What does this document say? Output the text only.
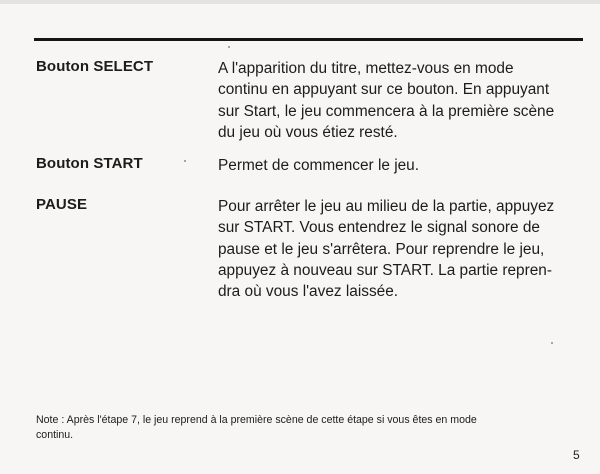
Bouton SELECT	A l'apparition du titre, mettez-vous en mode

continu en appuyant sur ce bouton. En appuyant

sur Start, le jeu commencera à la première scène

du jeu où vous étiez resté.

Bouton START	Permet de commencer le jeu.

PAUSE	Pour arrêter le jeu au milieu de la partie, appuyez

sur START. Vous entendrez le signal sonore de

pause et le jeu s'arrêtera. Pour reprendre le jeu,

appuyez à nouveau sur START. La partie repren-

dra où vous l'avez laissée.

Note : Après l'étape 7, le jeu reprend à la première scène de cette étape si vous êtes en mode

continu.

5
